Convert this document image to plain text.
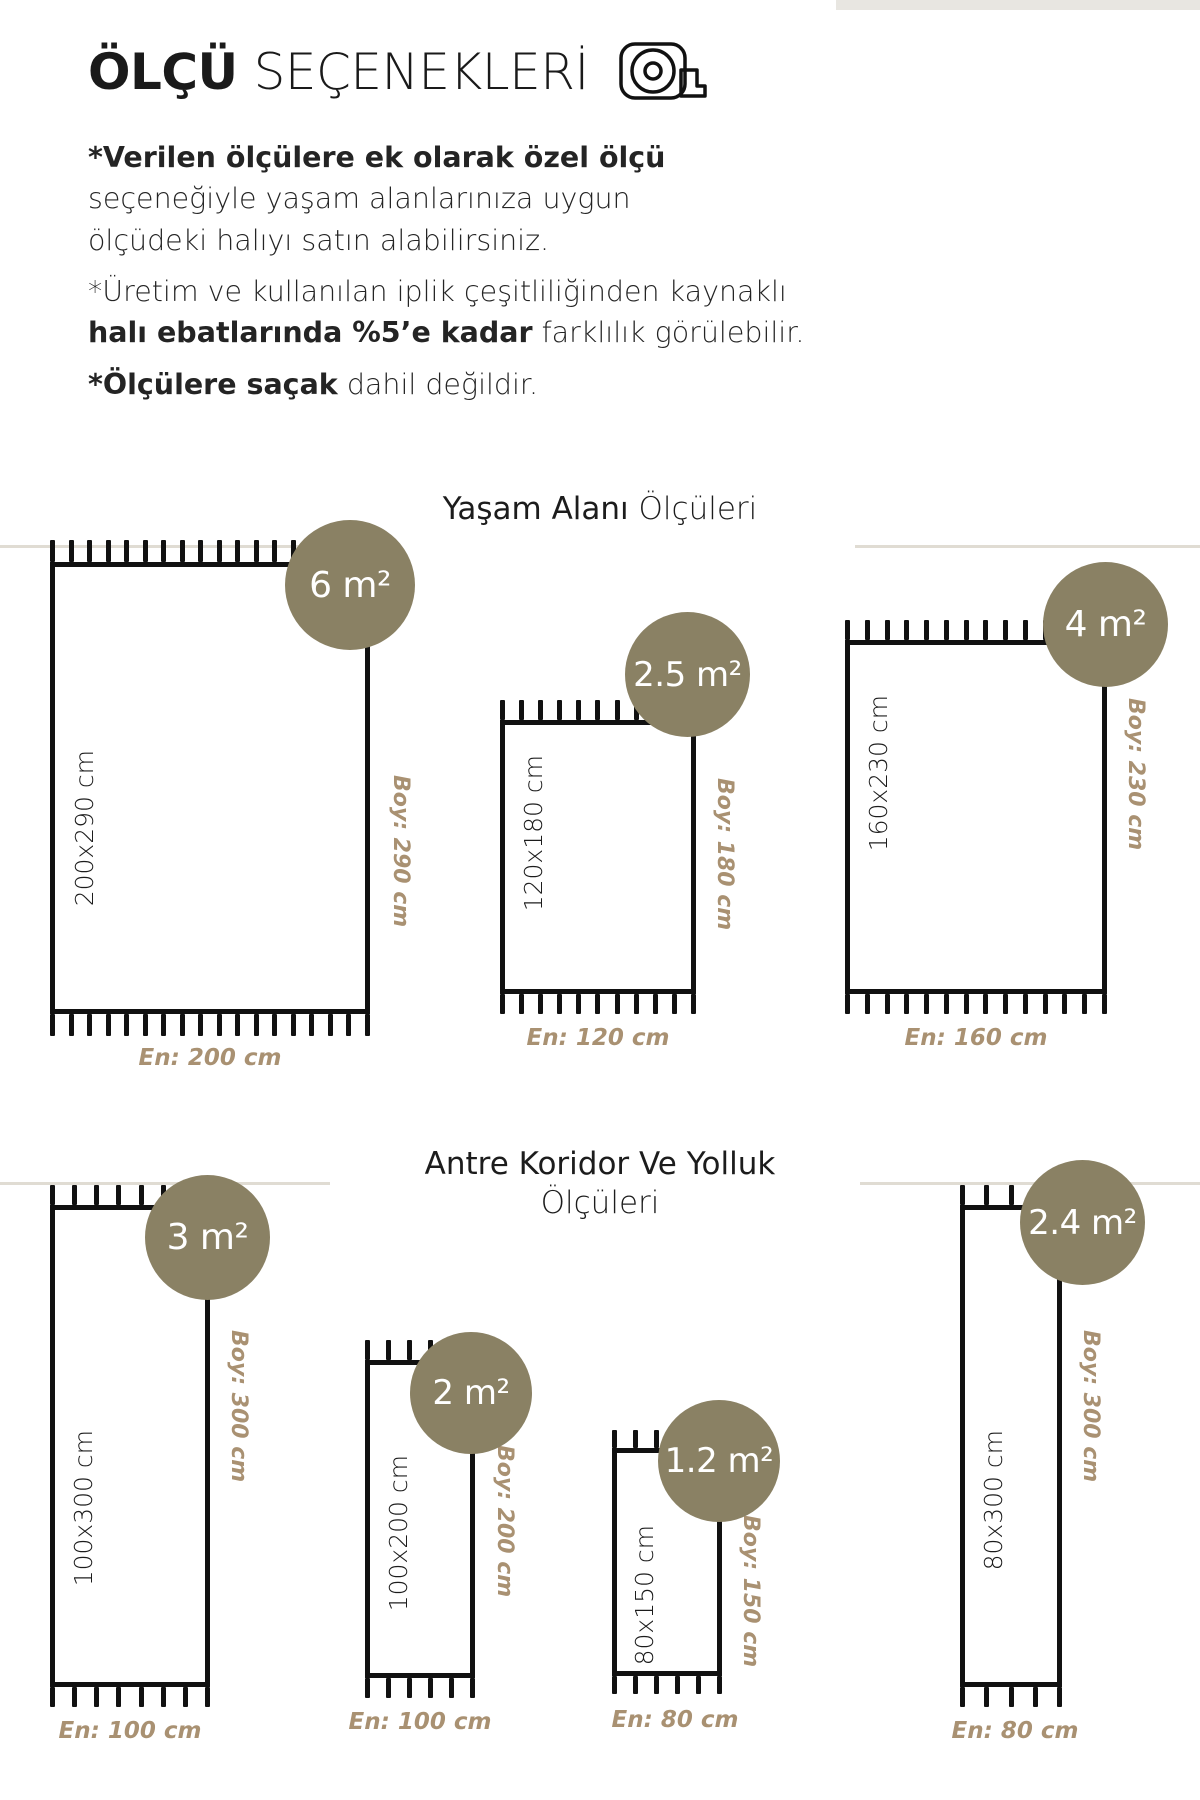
ÖLÇÜ SEÇENEKLERİ

*Verilen ölçülere ek olarak özel ölçü

seçeneğiyle yaşam alanlarınıza uygun

ölçüdeki halıyı satın alabilirsiniz.

*Üretim ve kullanılan iplik çeşitliliğinden kaynaklı

halı ebatlarında %5’e kadar farklılık görülebilir.

*Ölçülere saçak dahil değildir.

Yaşam Alanı Ölçüleri
200x290 cm	Boy: 290 cm
En: 200 cm
6 m²
120x180 cm	Boy: 180 cm
En: 120 cm
2.5 m²
160x230 cm	Boy: 230 cm
En: 160 cm
4 m²
Antre Koridor Ve Yolluk
Ölçüleri
100x300 cm
Boy: 300 cm
En: 100 cm
3 m²
100x200 cm	Boy: 200 cm
En: 100 cm
2 m²
80x150 cm	Boy: 150 cm
En: 80 cm
1.2 m²	80x300 cm
Boy: 300 cm
En: 80 cm
2.4 m²
